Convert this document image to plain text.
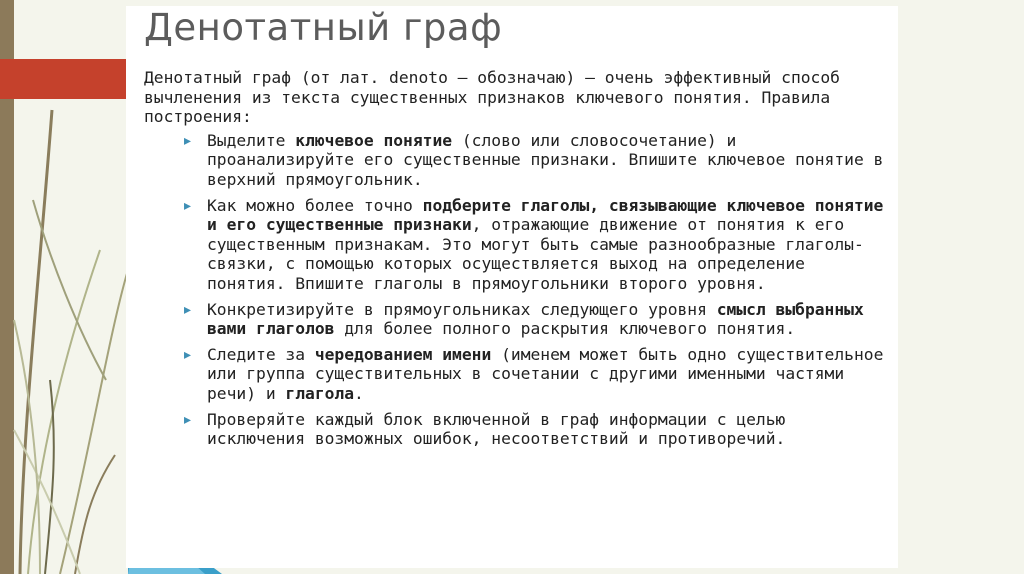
Денотатный граф

Денотатный граф (от лат. denoto — обозначаю) — очень эффективный способ вычленения из текста существенных признаков ключевого понятия. Правила построения:

▸ Выделите ключевое понятие (слово или словосочетание) и проанализируйте его существенные признаки. Впишите ключевое понятие в верхний прямоугольник.
▸ Как можно более точно подберите глаголы, связывающие ключевое понятие и его существенные признаки, отражающие движение от понятия к его существенным признакам. Это могут быть самые разнообразные глаголы-связки, с помощью которых осуществляется выход на определение понятия. Впишите глаголы в прямоугольники второго уровня.
▸ Конкретизируйте в прямоугольниках следующего уровня смысл выбранных вами глаголов для более полного раскрытия ключевого понятия.
▸ Следите за чередованием имени (именем может быть одно существительное или группа существительных в сочетании с другими именными частями речи) и глагола.
▸ Проверяйте каждый блок включенной в граф информации с целью исключения возможных ошибок, несоответствий и противоречий.
